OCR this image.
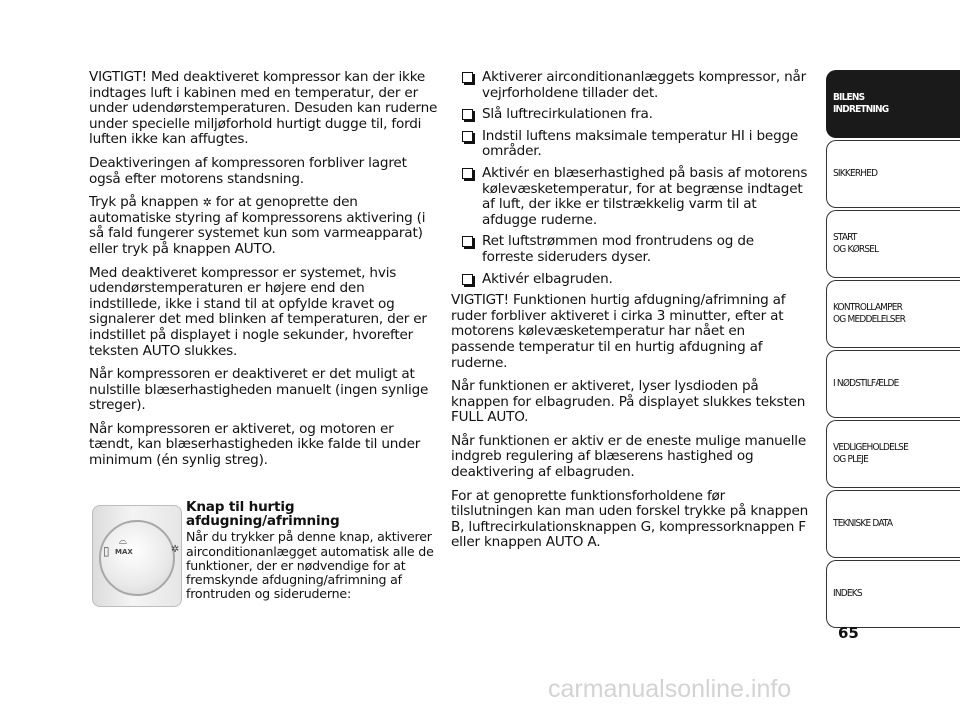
VIGTIGT! Med deaktiveret kompressor kan der ikke indtages luft i kabinen med en temperatur, der er under udendørstemperaturen. Desuden kan ruderne under specielle miljøforhold hurtigt dugge til, fordi luften ikke kan affugtes.

Deaktiveringen af kompressoren forbliver lagret også efter motorens standsning.

Tryk på knappen ✲ for at genoprette den automatiske styring af kompressorens aktivering (i så fald fungerer systemet kun som varmeapparat) eller tryk på knappen AUTO.

Med deaktiveret kompressor er systemet, hvis udendørstemperaturen er højere end den indstillede, ikke i stand til at opfylde kravet og signalerer det med blinken af temperaturen, der er indstillet på displayet i nogle sekunder, hvorefter teksten AUTO slukkes.

Når kompressoren er deaktiveret er det muligt at nulstille blæserhastigheden manuelt (ingen synlige streger).

Når kompressoren er aktiveret, og motoren er tændt, kan blæserhastigheden ikke falde til under minimum (én synlig streg).

▯
⌓
MAX	✲
Knap til hurtig afdugning/afrimning
Når du trykker på denne knap, aktiverer airconditionanlægget automatisk alle de funktioner, der er nødvendige for at fremskynde afdugning/afrimning af frontruden og sideruderne:
Aktiverer airconditionanlæggets kompressor, når vejrforholdene tillader det.
Slå luftrecirkulationen fra.
Indstil luftens maksimale temperatur HI i begge områder.
Aktivér en blæserhastighed på basis af motorens kølevæsketemperatur, for at begrænse indtaget af luft, der ikke er tilstrækkelig varm til at afdugge ruderne.
Ret luftstrømmen mod frontrudens og de forreste sideruders dyser.
Aktivér elbagruden.

VIGTIGT! Funktionen hurtig afdugning/afrimning af ruder forbliver aktiveret i cirka 3 minutter, efter at motorens kølevæsketemperatur har nået en passende temperatur til en hurtig afdugning af ruderne.

Når funktionen er aktiveret, lyser lysdioden på knappen for elbagruden. På displayet slukkes teksten FULL AUTO.

Når funktionen er aktiv er de eneste mulige manuelle indgreb regulering af blæserens hastighed og deaktivering af elbagruden.

For at genoprette funktionsforholdene før tilslutningen kan man uden forskel trykke på knappen B, luftrecirkulationsknappen G, kompressorknappen F eller knappen AUTO A.

BILENS
INDRETNING
SIKKERHED
START
OG KØRSEL
KONTROLLAMPER
OG MEDDELELSER
I NØDSTILFÆLDE
VEDLIGEHOLDELSE
OG PLEJE
TEKNISKE DATA
INDEKS
65
carmanualsonline.info
